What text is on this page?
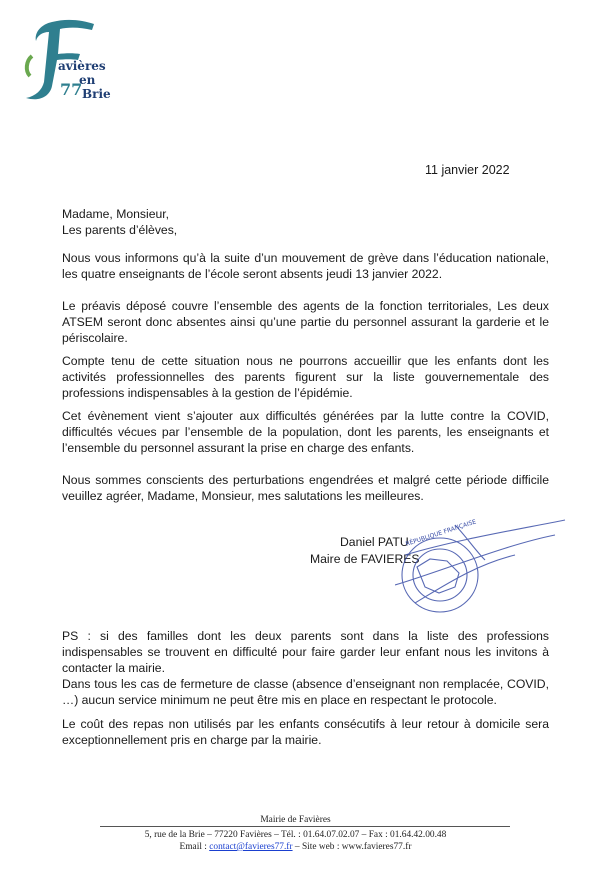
avières
en
77 Brie
11 janvier 2022
Madame, Monsieur,
Les parents d’élèves,
Nous vous informons qu’à la suite d’un mouvement de grève dans l’éducation nationale, les quatre enseignants de l’école seront absents jeudi 13 janvier 2022.
Le préavis déposé couvre l’ensemble des agents de la fonction territoriales, Les deux ATSEM seront donc absentes ainsi qu’une partie du personnel assurant la garderie et le périscolaire.
Compte tenu de cette situation nous ne pourrons accueillir que les enfants dont les activités professionnelles des parents figurent sur la liste gouvernementale des professions indispensables à la gestion de l’épidémie.
Cet évènement vient s’ajouter aux difficultés générées par la lutte contre la COVID, difficultés vécues par l’ensemble de la population, dont les parents, les enseignants et l’ensemble du personnel assurant la prise en charge des enfants.
Nous sommes conscients des perturbations engendrées et malgré cette période difficile veuillez agréer, Madame, Monsieur, mes salutations les meilleures.
Daniel PATU
Maire de FAVIERES
RÉPUBLIQUE FRANÇAISE
PS : si des familles dont les deux parents sont dans la liste des professions indispensables se trouvent en difficulté pour faire garder leur enfant nous les invitons à contacter la mairie.
Dans tous les cas de fermeture de classe (absence d’enseignant non remplacée, COVID, …) aucun service minimum ne peut être mis en place en respectant le protocole.
Le coût des repas non utilisés par les enfants consécutifs à leur retour à domicile sera exceptionnellement pris en charge par la mairie.
Mairie de Favières
5, rue de la Brie – 77220 Favières – Tél. : 01.64.07.02.07 – Fax : 01.64.42.00.48
Email : contact@favieres77.fr – Site web : www.favieres77.fr
